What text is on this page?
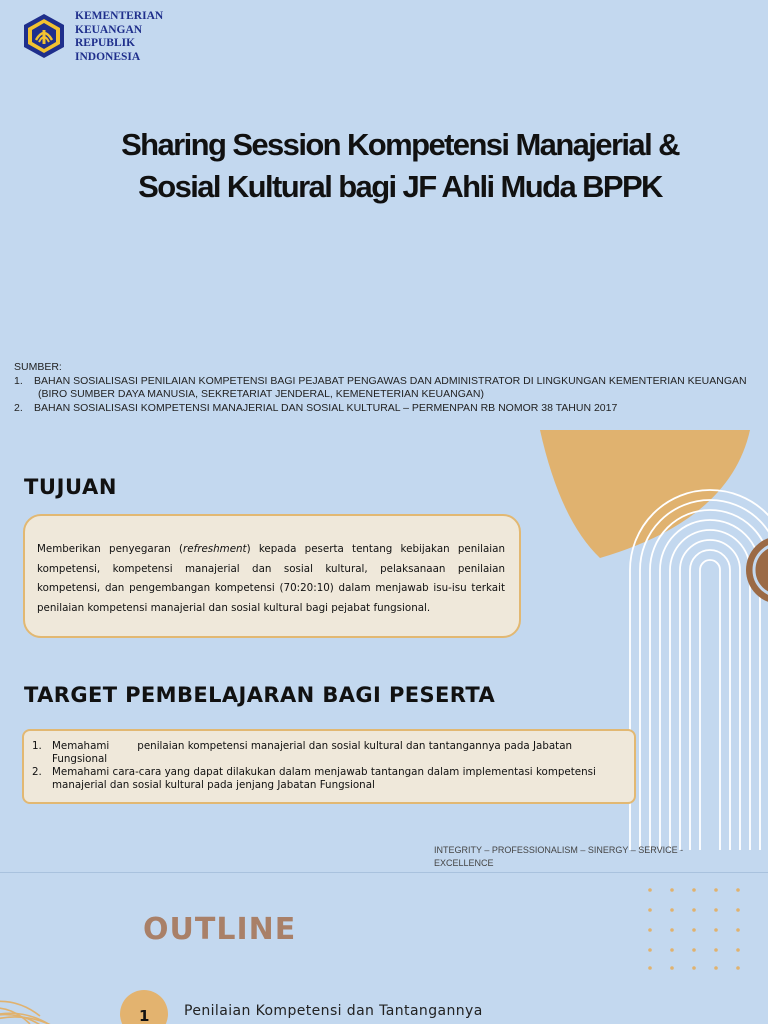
KEMENTERIAN
KEUANGAN
REPUBLIK
INDONESIA
Sharing Session Kompetensi Manajerial &
Sosial Kultural bagi JF Ahli Muda BPPK
SUMBER:
1.	BAHAN SOSIALISASI PENILAIAN KOMPETENSI BAGI PEJABAT PENGAWAS DAN ADMINISTRATOR DI LINGKUNGAN KEMENTERIAN KEUANGAN
(BIRO SUMBER DAYA MANUSIA, SEKRETARIAT JENDERAL, KEMENETERIAN KEUANGAN)
2.	BAHAN SOSIALISASI KOMPETENSI MANAJERIAL DAN SOSIAL KULTURAL – PERMENPAN RB NOMOR 38 TAHUN 2017
TUJUAN
Memberikan penyegaran (refreshment) kepada peserta tentang kebijakan penilaian kompetensi, kompetensi manajerial dan sosial kultural, pelaksanaan penilaian kompetensi, dan pengembangan kompetensi (70:20:10) dalam menjawab isu-isu terkait penilaian kompetensi manajerial dan sosial kultural bagi pejabat fungsional.
TARGET PEMBELAJARAN BAGI PESERTA
1. Memahami	penilaian kompetensi manajerial dan sosial kultural dan tantangannya pada Jabatan Fungsional
2. Memahami cara-cara yang dapat dilakukan dalam menjawab tantangan dalam implementasi kompetensi manajerial dan sosial kultural pada jenjang Jabatan Fungsional
INTEGRITY – PROFESSIONALISM – SINERGY – SERVICE - EXCELLENCE
OUTLINE
1 Penilaian Kompetensi dan Tantangannya
